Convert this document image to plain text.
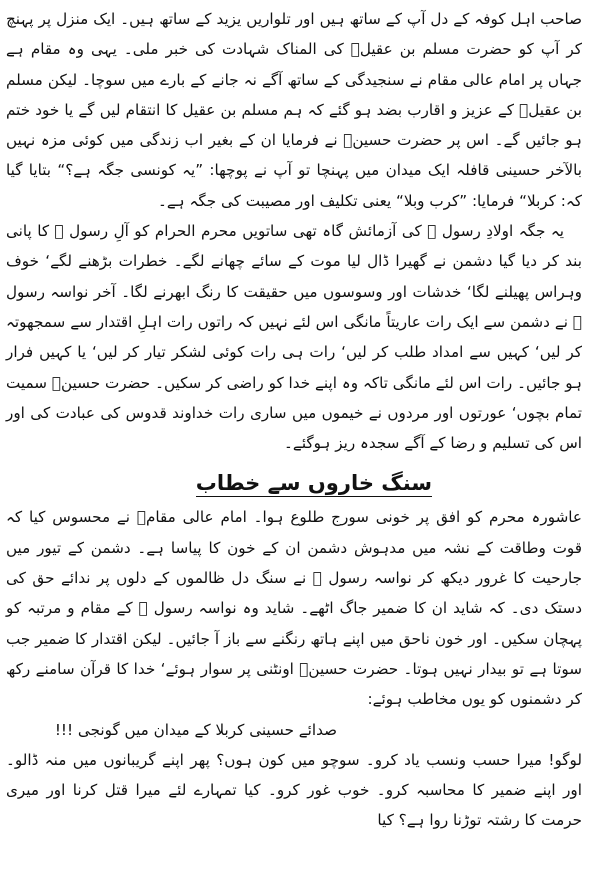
صاحب اہل کوفہ کے دل آپ کے ساتھ ہیں اور تلواریں یزید کے ساتھ ہیں۔ ایک منزل پر پہنچ کر آپ کو حضرت مسلم بن عقیلؑ کی المناک شہادت کی خبر ملی۔ یہی وہ مقام ہے جہاں پر امام عالی مقام نے سنجیدگی کے ساتھ آگے نہ جانے کے بارے میں سوچا۔ لیکن مسلم بن عقیلؑ کے عزیز و اقارب بضد ہو گئے کہ ہم مسلم بن عقیل کا انتقام لیں گے یا خود ختم ہو جائیں گے۔ اس پر حضرت حسینؓ نے فرمایا ان کے بغیر اب زندگی میں کوئی مزہ نہیں بالآخر حسینی قافلہ ایک میدان میں پہنچا تو آپ نے پوچھا: ”یہ کونسی جگہ ہے؟“ بتایا گیا کہ: کربلا“ فرمایا: ”کرب وبلا“ یعنی تکلیف اور مصیبت کی جگہ ہے۔

یہ جگہ اولادِ رسول ﷺ کی آزمائش گاہ تھی ساتویں محرم الحرام کو آلِ رسول ﷺ کا پانی بند کر دیا گیا دشمن نے گھیرا ڈال لیا موت کے سائے چھانے لگے۔ خطرات بڑھنے لگے‘ خوف وہراس پھیلنے لگا‘ خدشات اور وسوسوں میں حقیقت کا رنگ ابھرنے لگا۔ آخر نواسہ رسول ﷺ نے دشمن سے ایک رات عاریتاً مانگی اس لئے نہیں کہ راتوں رات اہلِ اقتدار سے سمجھوتہ کر لیں‘ کہیں سے امداد طلب کر لیں‘ رات ہی رات کوئی لشکر تیار کر لیں‘ یا کہیں فرار ہو جائیں۔ رات اس لئے مانگی تاکہ وہ اپنے خدا کو راضی کر سکیں۔ حضرت حسینؓ سمیت تمام بچوں‘ عورتوں اور مردوں نے خیموں میں ساری رات خداوند قدوس کی عبادت کی اور اس کی تسلیم و رضا کے آگے سجدہ ریز ہوگئے۔

سنگ خاروں سے خطاب

عاشورہ محرم کو افق پر خونی سورج طلوع ہوا۔ امام عالی مقامؓ نے محسوس کیا کہ قوت وطاقت کے نشہ میں مدہوش دشمن ان کے خون کا پیاسا ہے۔ دشمن کے تیور میں جارحیت کا غرور دیکھ کر نواسہ رسول ﷺ نے سنگ دل ظالموں کے دلوں پر ندائے حق کی دستک دی۔ کہ شاید ان کا ضمیر جاگ اٹھے۔ شاید وہ نواسہ رسول ﷺ کے مقام و مرتبہ کو پہچان سکیں۔ اور خون ناحق میں اپنے ہاتھ رنگنے سے باز آ جائیں۔ لیکن اقتدار کا ضمیر جب سوتا ہے تو بیدار نہیں ہوتا۔ حضرت حسینؓ اونٹنی پر سوار ہوئے‘ خدا کا قرآن سامنے رکھ کر دشمنوں کو یوں مخاطب ہوئے:

صدائے حسینی کربلا کے میدان میں گونجی !!!

لوگو! میرا حسب ونسب یاد کرو۔ سوچو میں کون ہوں؟ پھر اپنے گریبانوں میں منہ ڈالو۔ اور اپنے ضمیر کا محاسبہ کرو۔ خوب غور کرو۔ کیا تمہارے لئے میرا قتل کرنا اور میری حرمت کا رشتہ توڑنا روا ہے؟ کیا
